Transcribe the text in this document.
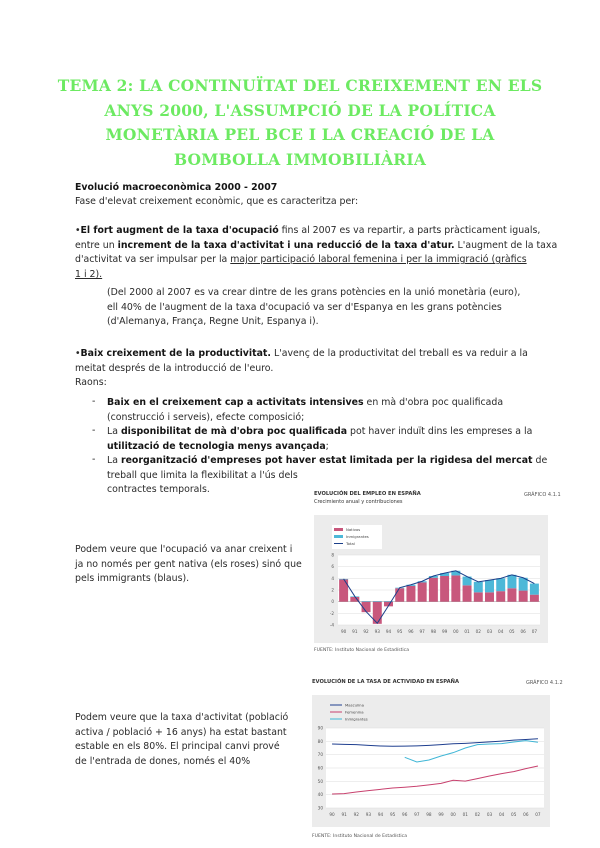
TEMA 2: LA CONTINUÏTAT DEL CREIXEMENT EN ELS
ANYS 2000, L'ASSUMPCIÓ DE LA POLÍTICA
MONETÀRIA PEL BCE I LA CREACIÓ DE LA
BOMBOLLA IMMOBILIÀRIA
Evolució macroeconòmica 2000 - 2007
Fase d'elevat creixement econòmic, que es caracteritza per:
•El fort augment de la taxa d'ocupació fins al 2007 es va repartir, a parts pràcticament iguals,
entre un increment de la taxa d'activitat i una reducció de la taxa d'atur. L'augment de la taxa
d'activitat va ser impulsar per la major participació laboral femenina i per la immigració (gràfics
1 i 2).
(Del 2000 al 2007 es va crear dintre de les grans potències en la unió monetària (euro),
ell 40% de l'augment de la taxa d'ocupació va ser d'Espanya en les grans potències
(d'Alemanya, França, Regne Unit, Espanya i).
•Baix creixement de la productivitat. L'avenç de la productivitat del treball es va reduir a la
meitat després de la introducció de l'euro.
Raons:
- Baix en el creixement cap a activitats intensives en mà d'obra poc qualificada
(construcció i serveis), efecte composició;
- La disponibilitat de mà d'obra poc qualificada pot haver induït dins les empreses a la
utilització de tecnologia menys avançada;
- La reorganització d'empreses pot haver estat limitada per la rigidesa del mercat de
treball que limita la flexibilitat a l'ús dels
contractes temporals.
Podem veure que l'ocupació va anar creixent i
ja no només per gent nativa (els roses) sinó que
pels immigrants (blaus).
EVOLUCIÓN DEL EMPLEO EN ESPAÑA
Crecimiento anual y contribuciones
GRÁFICO 4.1.1
-4
-2
0
2
4
6
8
90 91 92 93 94 95 96 97 98 99 00 01 02 03 04 05 06 07
Nativos
Inmigrantes
Total
FUENTE: Instituto Nacional de Estadística
Podem veure que la taxa d'activitat (població
activa / població + 16 anys) ha estat bastant
estable en els 80%. El principal canvi prové
de l'entrada de dones, només el 40%
EVOLUCIÓN DE LA TASA DE ACTIVIDAD EN ESPAÑA	GRÁFICO 4.1.2
30
40
50
60
70
80
90
90 91 92 93 94 95 96 97 98 99 00 01 02 03 04 05 06 07
Masculina
Femenina
Inmigrantes
FUENTE: Instituto Nacional de Estadística
